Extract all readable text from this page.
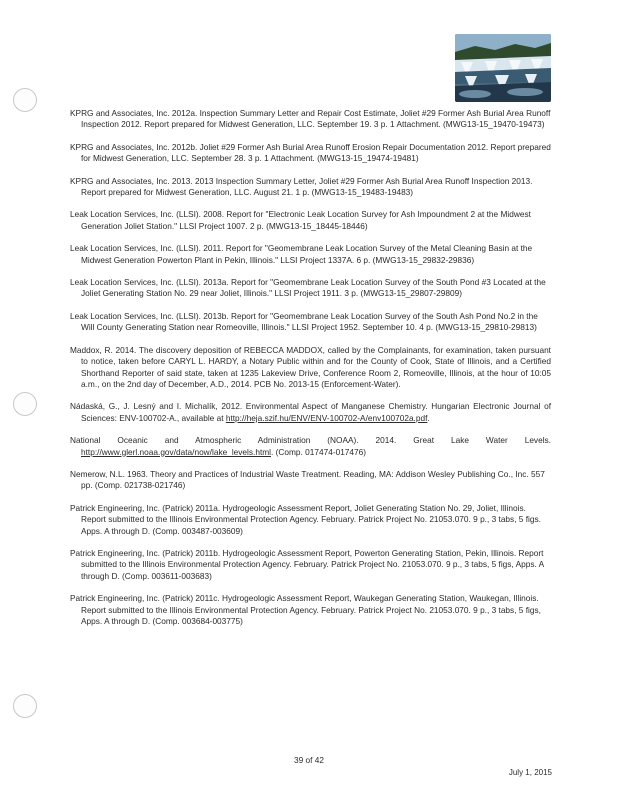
KPRG and Associates, Inc. 2012a. Inspection Summary Letter and Repair Cost Estimate, Joliet #29 Former Ash Burial Area Runoff Inspection 2012. Report prepared for Midwest Generation, LLC. September 19. 3 p. 1 Attachment. (MWG13-15_19470-19473)

KPRG and Associates, Inc. 2012b. Joliet #29 Former Ash Burial Area Runoff Erosion Repair Documentation 2012. Report prepared for Midwest Generation, LLC. September 28. 3 p. 1 Attachment. (MWG13-15_19474-19481)

KPRG and Associates, Inc. 2013. 2013 Inspection Summary Letter, Joliet #29 Former Ash Burial Area Runoff Inspection 2013. Report prepared for Midwest Generation, LLC. August 21. 1 p. (MWG13-15_19483-19483)

Leak Location Services, Inc. (LLSI). 2008. Report for "Electronic Leak Location Survey for Ash Impoundment 2 at the Midwest Generation Joliet Station." LLSI Project 1007. 2 p. (MWG13-15_18445-18446)

Leak Location Services, Inc. (LLSI). 2011. Report for "Geomembrane Leak Location Survey of the Metal Cleaning Basin at the Midwest Generation Powerton Plant in Pekin, Illinois." LLSI Project 1337A. 6 p. (MWG13-15_29832-29836)

Leak Location Services, Inc. (LLSI). 2013a. Report for "Geomembrane Leak Location Survey of the South Pond #3 Located at the Joliet Generating Station No. 29 near Joliet, Illinois." LLSI Project 1911. 3 p. (MWG13-15_29807-29809)

Leak Location Services, Inc. (LLSI). 2013b. Report for "Geomembrane Leak Location Survey of the South Ash Pond No.2 in the Will County Generating Station near Romeoville, Illinois." LLSI Project 1952. September 10. 4 p. (MWG13-15_29810-29813)

Maddox, R. 2014. The discovery deposition of REBECCA MADDOX, called by the Complainants, for examination, taken pursuant to notice, taken before CARYL L. HARDY, a Notary Public within and for the County of Cook, State of Illinois, and a Certified Shorthand Reporter of said state, taken at 1235 Lakeview Drive, Conference Room 2, Romeoville, Illinois, at the hour of 10:05 a.m., on the 2nd day of December, A.D., 2014. PCB No. 2013-15 (Enforcement-Water).

Nádaská, G., J. Lesný and I. Michalík, 2012. Environmental Aspect of Manganese Chemistry. Hungarian Electronic Journal of Sciences: ENV-100702-A., available at http://heja.szif.hu/ENV/ENV-100702-A/env100702a.pdf.

National Oceanic and Atmospheric Administration (NOAA). 2014. Great Lake Water Levels. http://www.glerl.noaa.gov/data/now/lake_levels.html. (Comp. 017474-017476)

Nemerow, N.L. 1963. Theory and Practices of Industrial Waste Treatment. Reading, MA: Addison Wesley Publishing Co., Inc. 557 pp. (Comp. 021738-021746)

Patrick Engineering, Inc. (Patrick) 2011a. Hydrogeologic Assessment Report, Joliet Generating Station No. 29, Joliet, Illinois. Report submitted to the Illinois Environmental Protection Agency. February. Patrick Project No. 21053.070. 9 p., 3 tabs, 5 figs. Apps. A through D. (Comp. 003487-003609)

Patrick Engineering, Inc. (Patrick) 2011b. Hydrogeologic Assessment Report, Powerton Generating Station, Pekin, Illinois. Report submitted to the Illinois Environmental Protection Agency. February. Patrick Project No. 21053.070. 9 p., 3 tabs, 5 figs, Apps. A through D. (Comp. 003611-003683)

Patrick Engineering, Inc. (Patrick) 2011c. Hydrogeologic Assessment Report, Waukegan Generating Station, Waukegan, Illinois. Report submitted to the Illinois Environmental Protection Agency. February. Patrick Project No. 21053.070. 9 p., 3 tabs, 5 figs, Apps. A through D. (Comp. 003684-003775)

39 of 42
July 1, 2015
